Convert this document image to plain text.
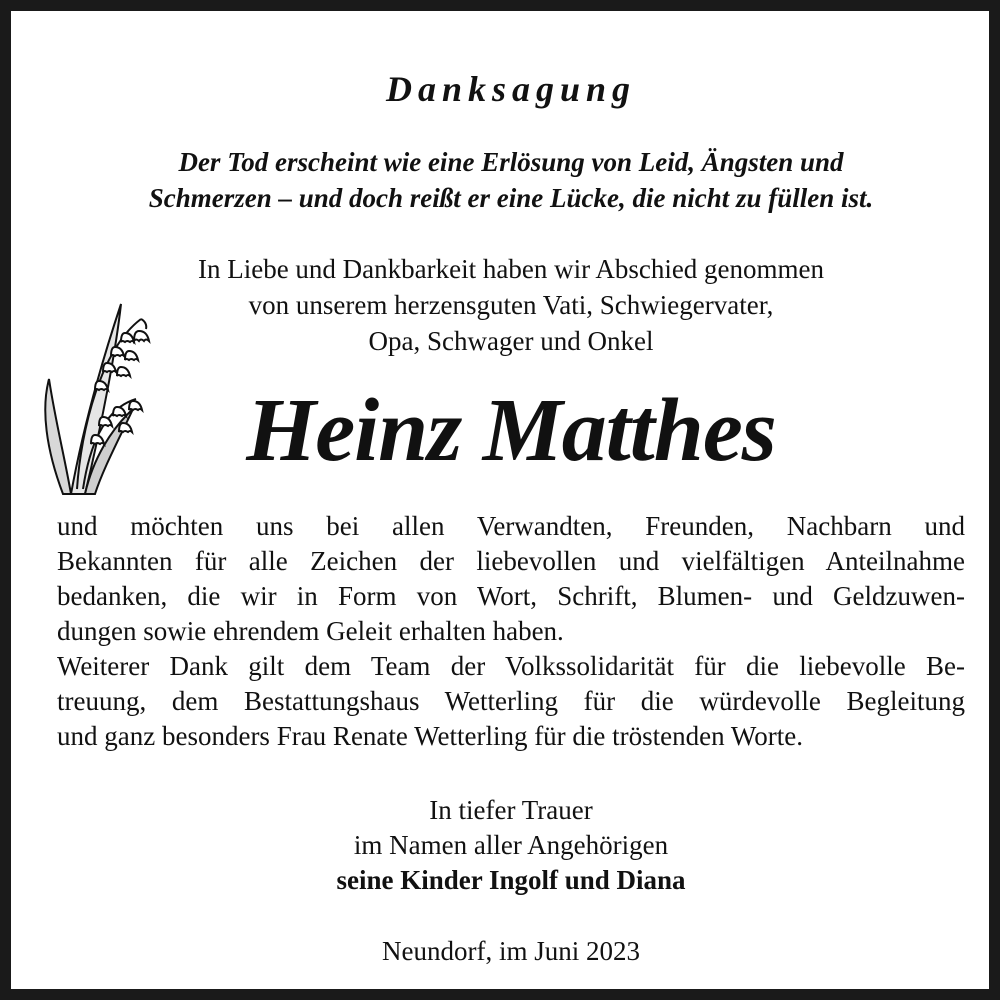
Danksagung
Der Tod erscheint wie eine Erlösung von Leid, Ängsten und
Schmerzen – und doch reißt er eine Lücke, die nicht zu füllen ist.
In Liebe und Dankbarkeit haben wir Abschied genommen
von unserem herzensguten Vati, Schwiegervater,
Opa, Schwager und Onkel
Heinz Matthes
und möchten uns bei allen Verwandten, Freunden, Nachbarn und
Bekannten für alle Zeichen der liebevollen und vielfältigen Anteilnahme
bedanken, die wir in Form von Wort, Schrift, Blumen- und Geldzuwen-
dungen sowie ehrendem Geleit erhalten haben.
Weiterer Dank gilt dem Team der Volkssolidarität für die liebevolle Be-
treuung, dem Bestattungshaus Wetterling für die würdevolle Begleitung
und ganz besonders Frau Renate Wetterling für die tröstenden Worte.
In tiefer Trauer
im Namen aller Angehörigen
seine Kinder Ingolf und Diana
Neundorf, im Juni 2023
